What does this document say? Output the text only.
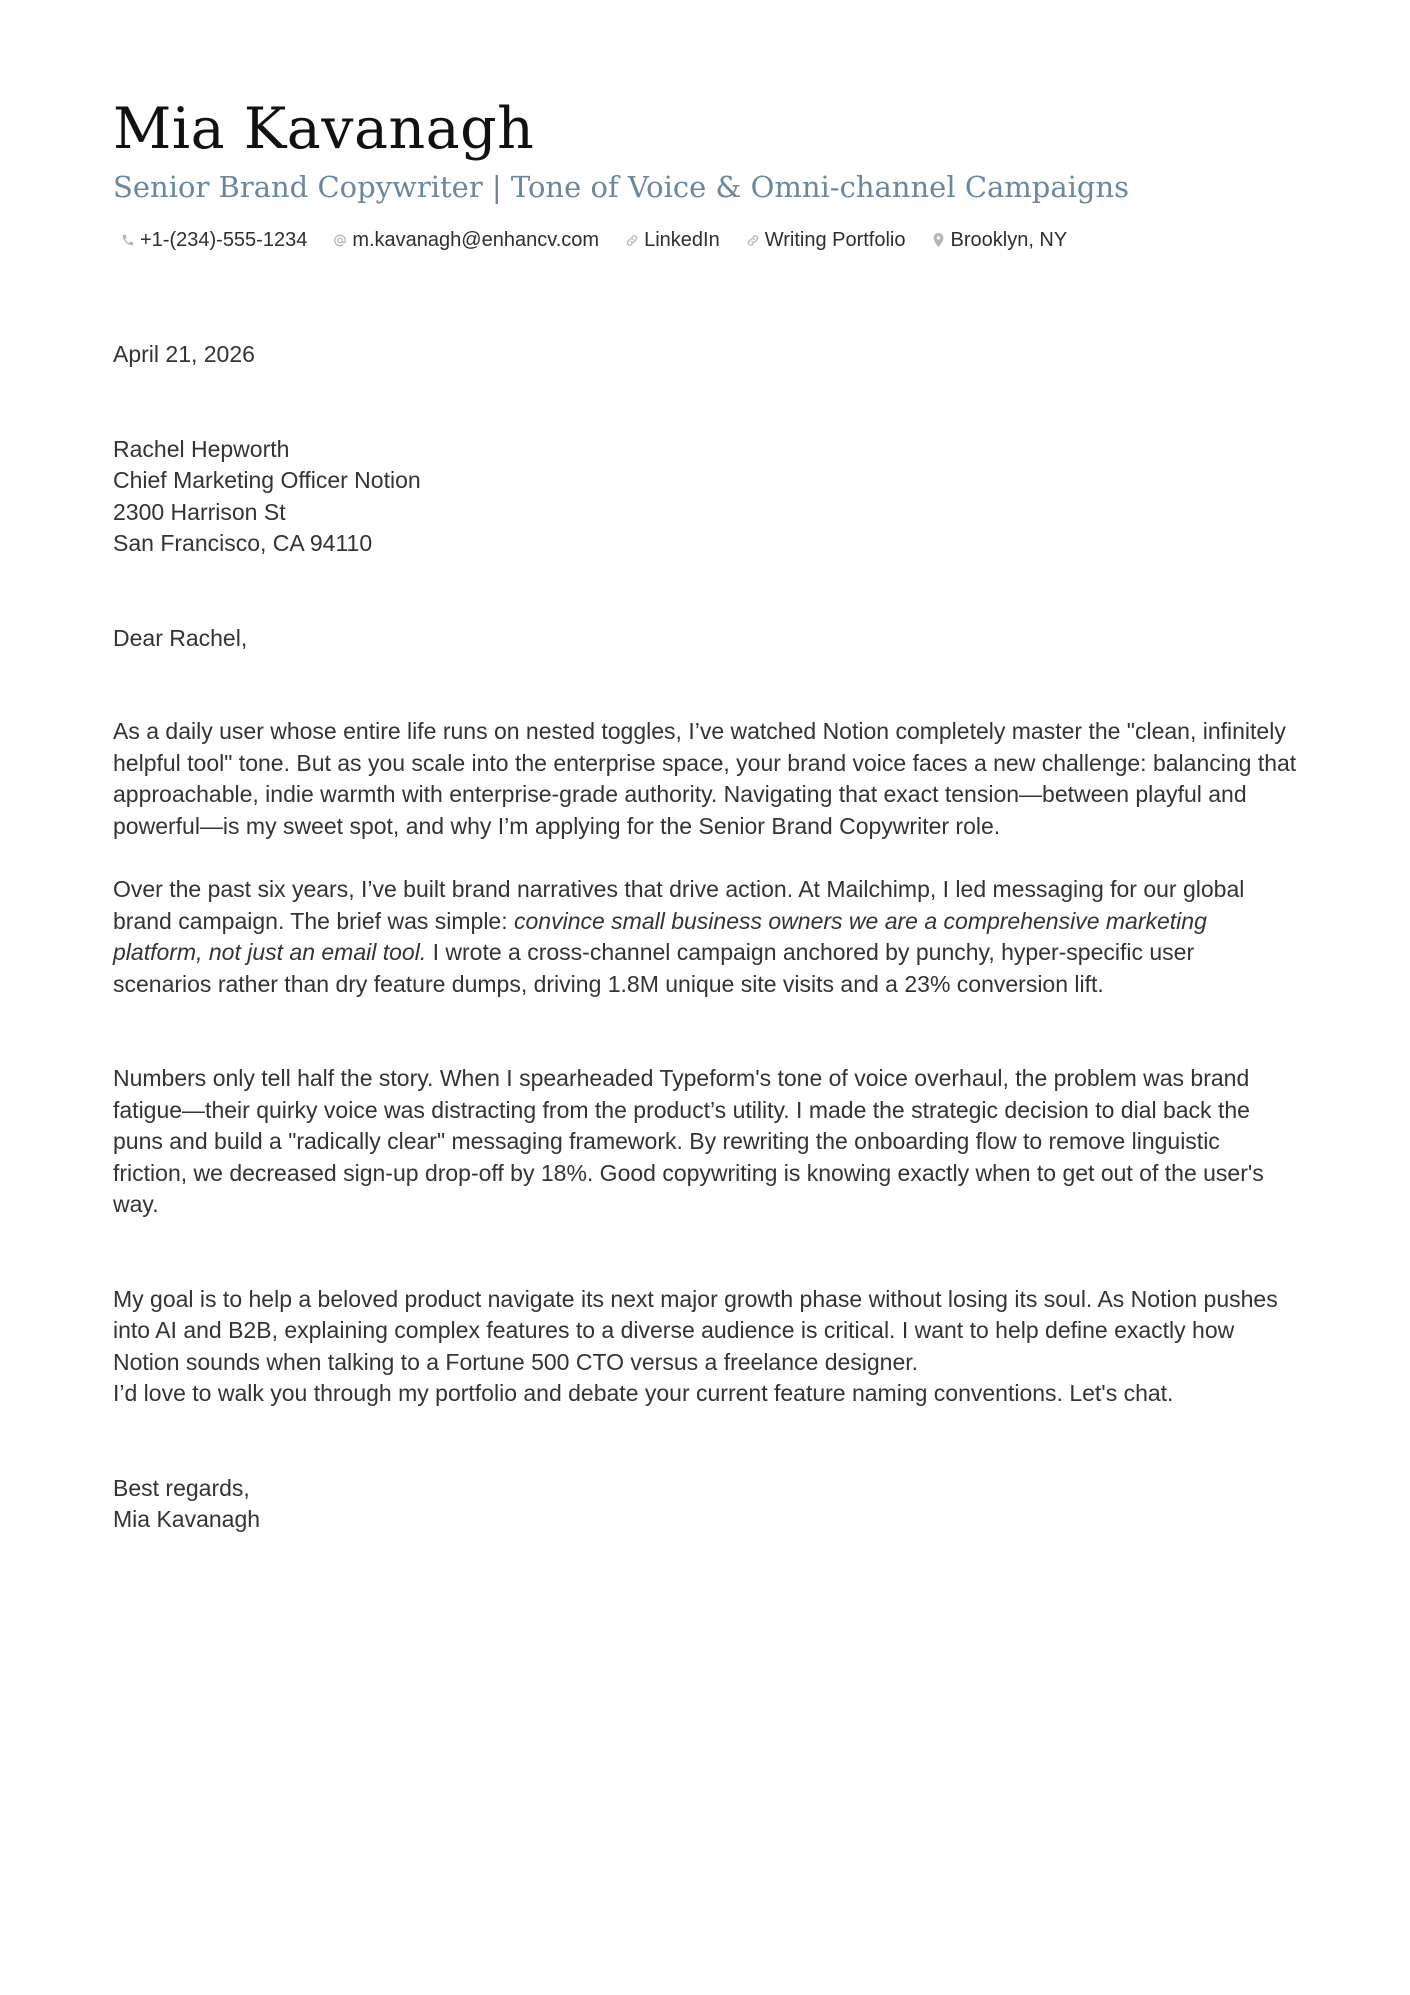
Mia Kavanagh
Senior Brand Copywriter | Tone of Voice & Omni-channel Campaigns
+1-(234)-555-1234 m.kavanagh@enhancv.com LinkedIn Writing Portfolio Brooklyn, NY
April 21, 2026
Rachel Hepworth
Chief Marketing Officer Notion
2300 Harrison St
San Francisco, CA 94110
Dear Rachel,

As a daily user whose entire life runs on nested toggles, I’ve watched Notion completely master the "clean, infinitely helpful tool" tone. But as you scale into the enterprise space, your brand voice faces a new challenge: balancing that approachable, indie warmth with enterprise-grade authority. Navigating that exact tension—between playful and powerful—is my sweet spot, and why I’m applying for the Senior Brand Copywriter role.

Over the past six years, I’ve built brand narratives that drive action. At Mailchimp, I led messaging for our global brand campaign. The brief was simple: convince small business owners we are a comprehensive marketing platform, not just an email tool. I wrote a cross-channel campaign anchored by punchy, hyper-specific user scenarios rather than dry feature dumps, driving 1.8M unique site visits and a 23% conversion lift.

Numbers only tell half the story. When I spearheaded Typeform's tone of voice overhaul, the problem was brand fatigue—their quirky voice was distracting from the product’s utility. I made the strategic decision to dial back the puns and build a "radically clear" messaging framework. By rewriting the onboarding flow to remove linguistic friction, we decreased sign-up drop-off by 18%. Good copywriting is knowing exactly when to get out of the user's way.

My goal is to help a beloved product navigate its next major growth phase without losing its soul. As Notion pushes into AI and B2B, explaining complex features to a diverse audience is critical. I want to help define exactly how Notion sounds when talking to a Fortune 500 CTO versus a freelance designer.
I’d love to walk you through my portfolio and debate your current feature naming conventions. Let's chat.
Best regards,
Mia Kavanagh
